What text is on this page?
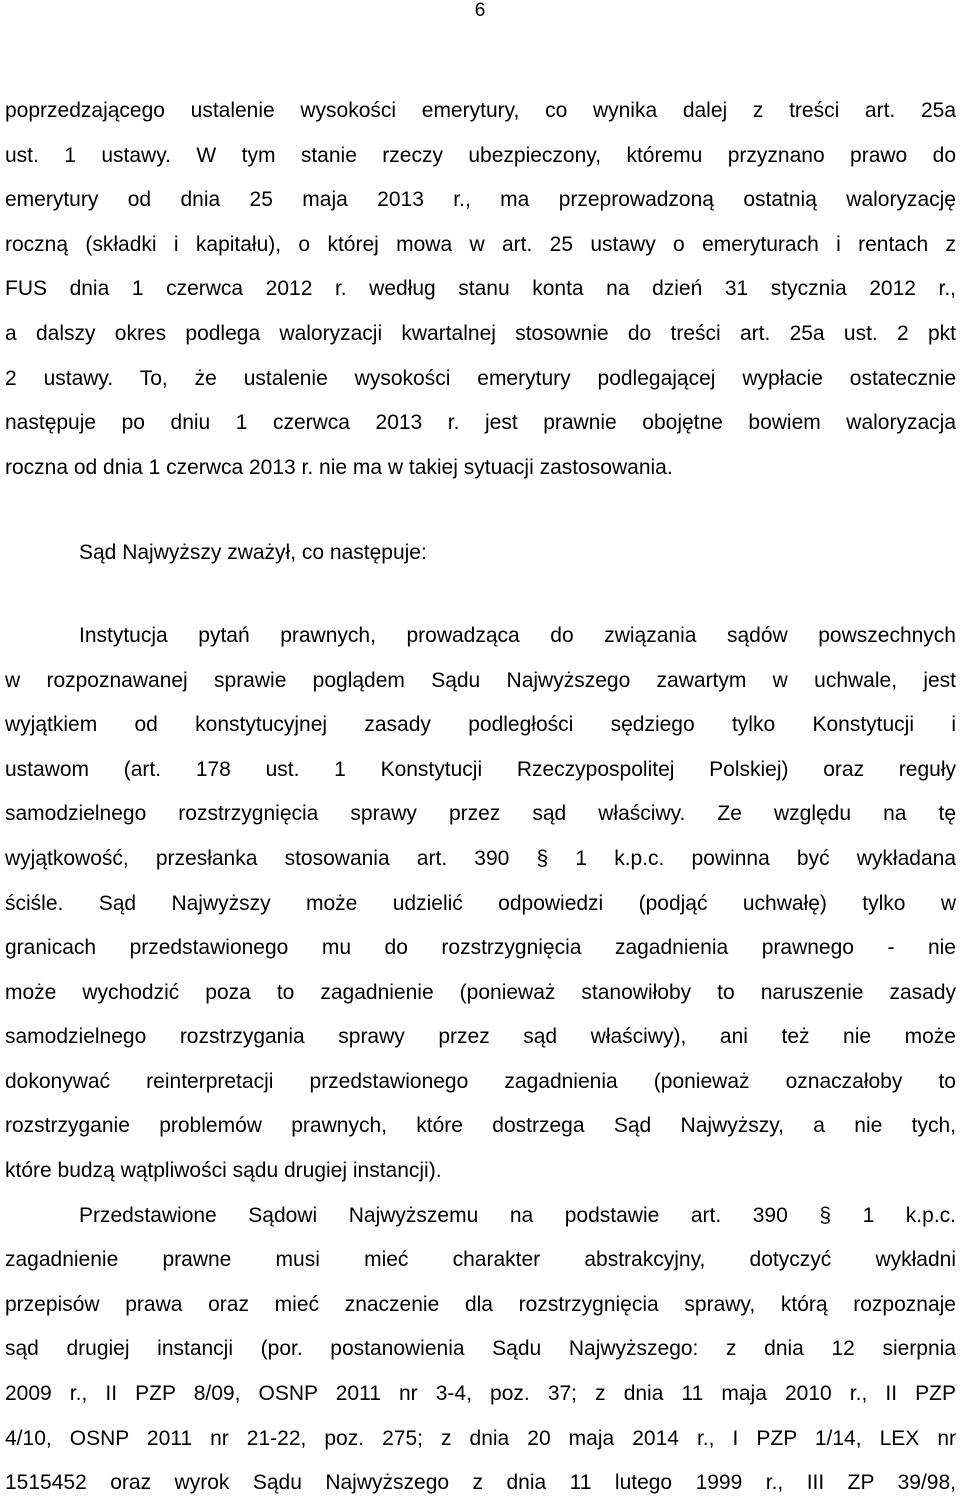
6
poprzedzającego ustalenie wysokości emerytury, co wynika dalej z treści art. 25a
ust. 1 ustawy. W tym stanie rzeczy ubezpieczony, któremu przyznano prawo do
emerytury od dnia 25 maja 2013 r., ma przeprowadzoną ostatnią waloryzację
roczną (składki i kapitału), o której mowa w art. 25 ustawy o emeryturach i rentach z
FUS dnia 1 czerwca 2012 r. według stanu konta na dzień 31 stycznia 2012 r.,
a dalszy okres podlega waloryzacji kwartalnej stosownie do treści art. 25a ust. 2 pkt
2 ustawy. To, że ustalenie wysokości emerytury podlegającej wypłacie ostatecznie
następuje po dniu 1 czerwca 2013 r. jest prawnie obojętne bowiem waloryzacja
roczna od dnia 1 czerwca 2013 r. nie ma w takiej sytuacji zastosowania.
Sąd Najwyższy zważył, co następuje:
Instytucja pytań prawnych, prowadząca do związania sądów powszechnych
w rozpoznawanej sprawie poglądem Sądu Najwyższego zawartym w uchwale, jest
wyjątkiem od konstytucyjnej zasady podległości sędziego tylko Konstytucji i
ustawom (art. 178 ust. 1 Konstytucji Rzeczypospolitej Polskiej) oraz reguły
samodzielnego rozstrzygnięcia sprawy przez sąd właściwy. Ze względu na tę
wyjątkowość, przesłanka stosowania art. 390 § 1 k.p.c. powinna być wykładana
ściśle. Sąd Najwyższy może udzielić odpowiedzi (podjąć uchwałę) tylko w
granicach przedstawionego mu do rozstrzygnięcia zagadnienia prawnego - nie
może wychodzić poza to zagadnienie (ponieważ stanowiłoby to naruszenie zasady
samodzielnego rozstrzygania sprawy przez sąd właściwy), ani też nie może
dokonywać reinterpretacji przedstawionego zagadnienia (ponieważ oznaczałoby to
rozstrzyganie problemów prawnych, które dostrzega Sąd Najwyższy, a nie tych,
które budzą wątpliwości sądu drugiej instancji).
Przedstawione Sądowi Najwyższemu na podstawie art. 390 § 1 k.p.c.
zagadnienie prawne musi mieć charakter abstrakcyjny, dotyczyć wykładni
przepisów prawa oraz mieć znaczenie dla rozstrzygnięcia sprawy, którą rozpoznaje
sąd drugiej instancji (por. postanowienia Sądu Najwyższego: z dnia 12 sierpnia
2009 r., II PZP 8/09, OSNP 2011 nr 3-4, poz. 37; z dnia 11 maja 2010 r., II PZP
4/10, OSNP 2011 nr 21-22, poz. 275; z dnia 20 maja 2014 r., I PZP 1/14, LEX nr
1515452 oraz wyrok Sądu Najwyższego z dnia 11 lutego 1999 r., III ZP 39/98,
